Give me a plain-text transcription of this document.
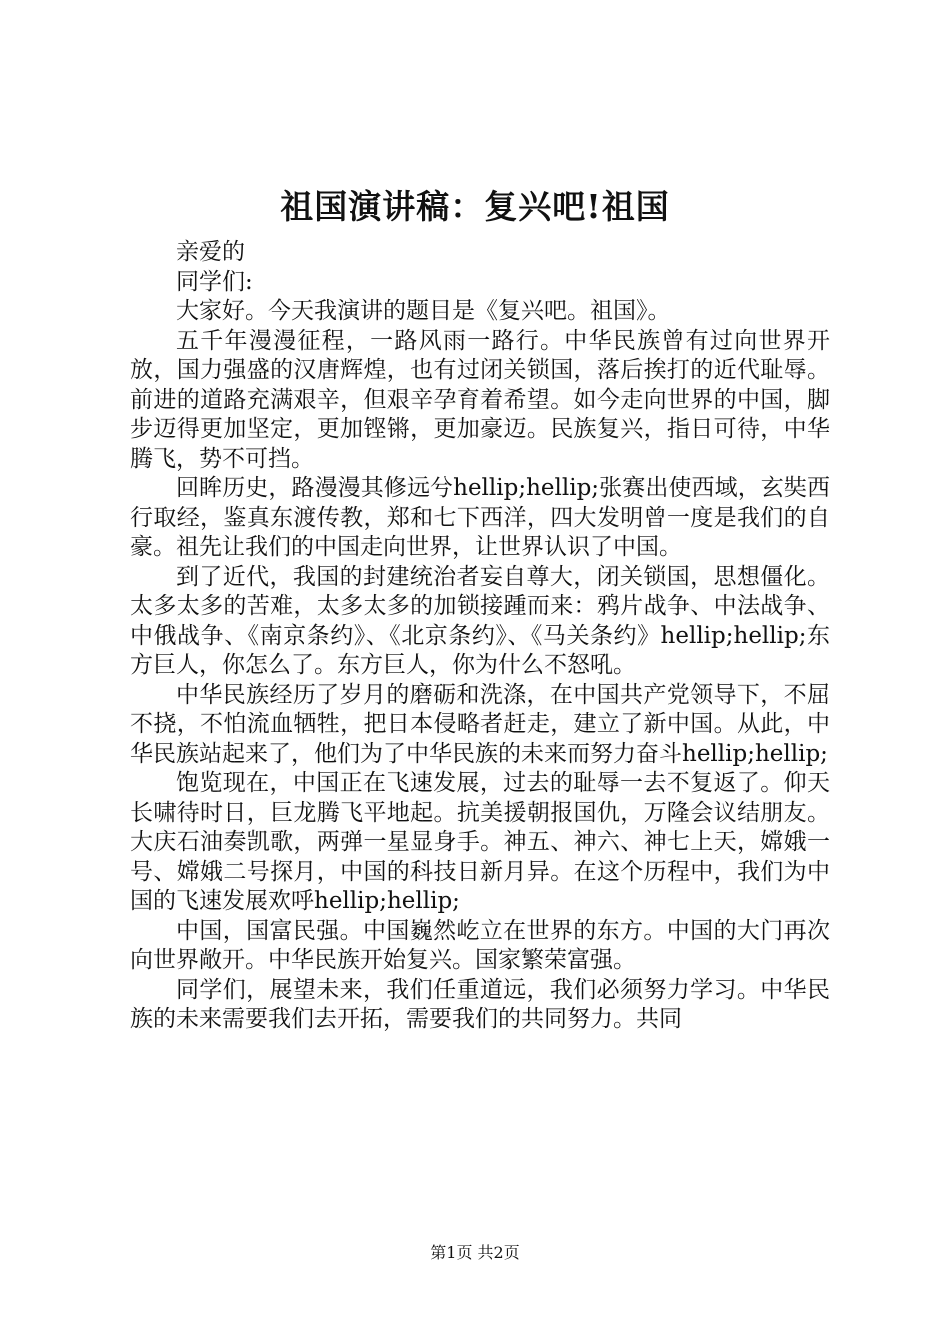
祖国演讲稿：复兴吧!祖国

亲爱的

同学们:

大家好。今天我演讲的题目是《复兴吧。祖国》。

五千年漫漫征程，一路风雨一路行。中华民族曾有过向世界开放，国力强盛的汉唐辉煌，也有过闭关锁国，落后挨打的近代耻辱。前进的道路充满艰辛，但艰辛孕育着希望。如今走向世界的中国，脚步迈得更加坚定，更加铿锵，更加豪迈。民族复兴，指日可待，中华腾飞，势不可挡。

回眸历史，路漫漫其修远兮hellip;hellip;张赛出使西域，玄奘西行取经，鉴真东渡传教，郑和七下西洋，四大发明曾一度是我们的自豪。祖先让我们的中国走向世界，让世界认识了中国。

到了近代，我国的封建统治者妄自尊大，闭关锁国，思想僵化。太多太多的苦难，太多太多的加锁接踵而来：鸦片战争、中法战争、中俄战争、《南京条约》、《北京条约》、《马关条约》hellip;hellip;东方巨人，你怎么了。东方巨人，你为什么不怒吼。

中华民族经历了岁月的磨砺和洗涤，在中国共产党领导下，不屈不挠，不怕流血牺牲，把日本侵略者赶走，建立了新中国。从此，中华民族站起来了，他们为了中华民族的未来而努力奋斗hellip;hellip;

饱览现在，中国正在飞速发展，过去的耻辱一去不复返了。仰天长啸待时日，巨龙腾飞平地起。抗美援朝报国仇，万隆会议结朋友。大庆石油奏凯歌，两弹一星显身手。神五、神六、神七上天，嫦娥一号、嫦娥二号探月，中国的科技日新月异。在这个历程中，我们为中国的飞速发展欢呼hellip;hellip;

中国，国富民强。中国巍然屹立在世界的东方。中国的大门再次向世界敞开。中华民族开始复兴。国家繁荣富强。

同学们，展望未来，我们任重道远，我们必须努力学习。中华民族的未来需要我们去开拓，需要我们的共同努力。共同

第1页 共2页
